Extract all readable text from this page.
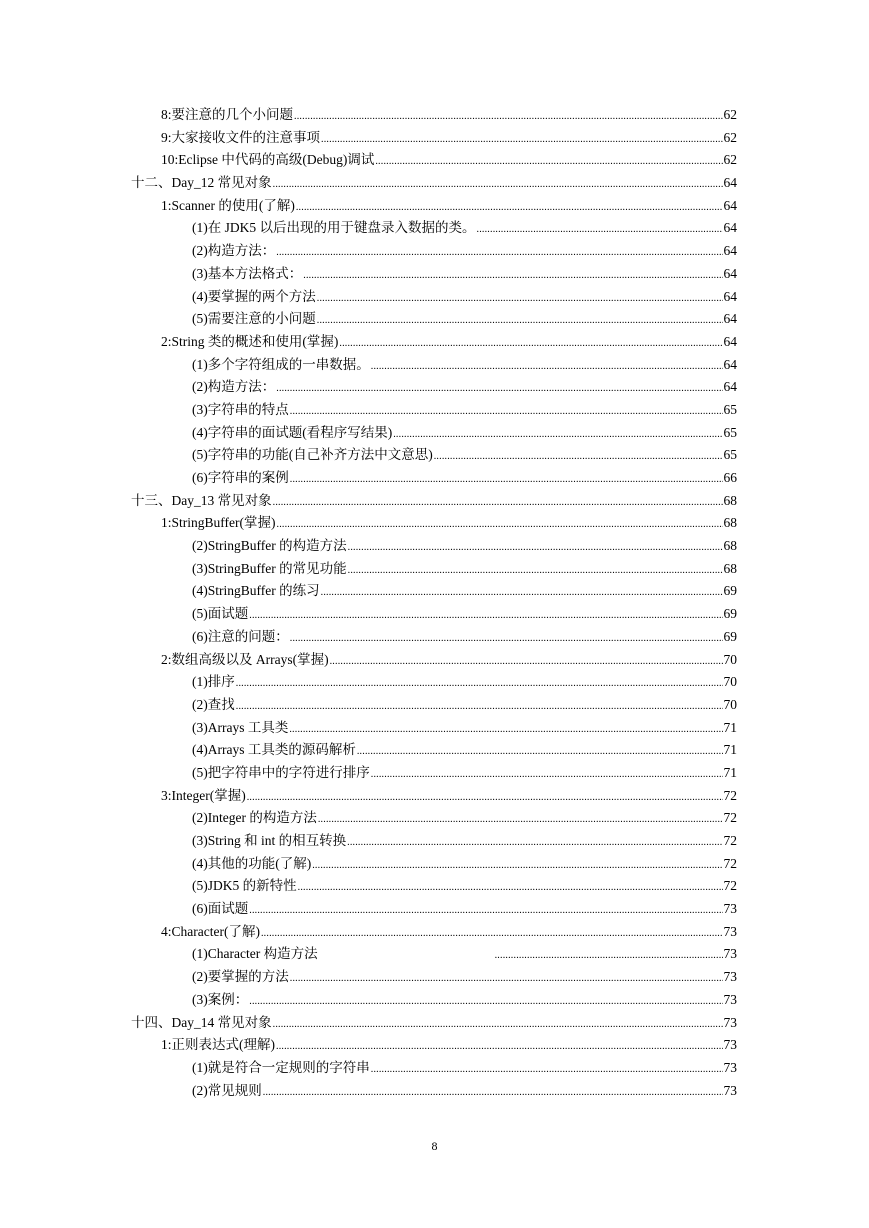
8:要注意的几个小问题 .....	62
9:大家接收文件的注意事项 .....	62
10:Eclipse 中代码的高级(Debug)调试 .....	62
十二、Day_12 常见对象 .....	64
1:Scanner 的使用(了解) .....	64
(1)在 JDK5 以后出现的用于键盘录入数据的类。 .....	64
(2)构造方法： .....	64
(3)基本方法格式： .....	64
(4)要掌握的两个方法 .....	64
(5)需要注意的小问题 .....	64
2:String 类的概述和使用(掌握) .....	64
(1)多个字符组成的一串数据。 .....	64
(2)构造方法： .....	64
(3)字符串的特点 .....	65
(4)字符串的面试题(看程序写结果) .....	65
(5)字符串的功能(自己补齐方法中文意思) .....	65
(6)字符串的案例 .....	66
十三、Day_13 常见对象 .....	68
1:StringBuffer(掌握) .....	68
(2)StringBuffer 的构造方法 .....	68
(3)StringBuffer 的常见功能 .....	68
(4)StringBuffer 的练习 .....	69
(5)面试题 .....	69
(6)注意的问题： .....	69
2:数组高级以及 Arrays(掌握) .....	70
(1)排序 .....	70
(2)查找 .....	70
(3)Arrays 工具类 .....	71
(4)Arrays 工具类的源码解析 .....	71
(5)把字符串中的字符进行排序 .....	71
3:Integer(掌握) .....	72
(2)Integer 的构造方法 .....	72
(3)String 和 int 的相互转换 .....	72
(4)其他的功能(了解) .....	72
(5)JDK5 的新特性 .....	72
(6)面试题 .....	73
4:Character(了解) .....	73
(1)Character 构造方法 .....	73
(2)要掌握的方法 .....	73
(3)案例： .....	73
十四、Day_14 常见对象 .....	73
1:正则表达式(理解) .....	73
(1)就是符合一定规则的字符串 .....	73
(2)常见规则 .....	73
8
